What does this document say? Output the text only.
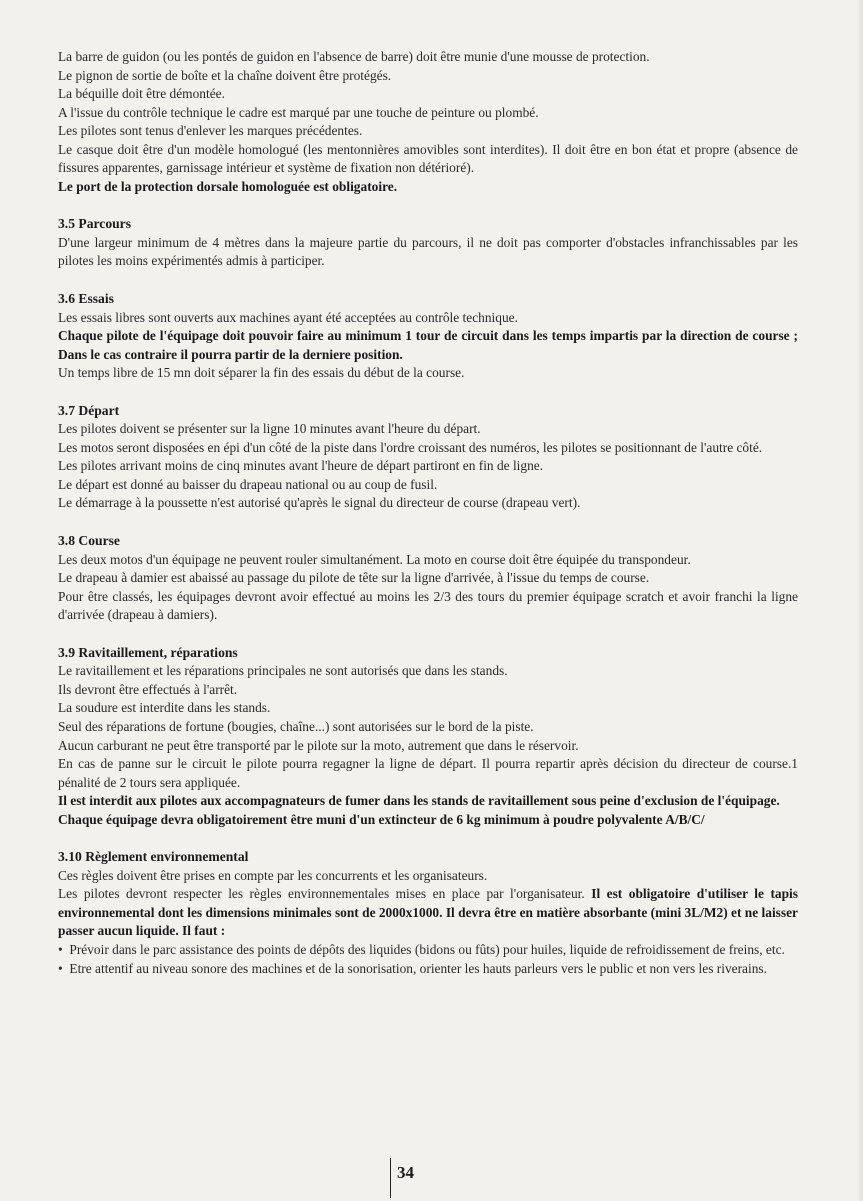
La barre de guidon (ou les pontés de guidon en l'absence de barre) doit être munie d'une mousse de protection.

Le pignon de sortie de boîte et la chaîne doivent être protégés.

La béquille doit être démontée.

A l'issue du contrôle technique le cadre est marqué par une touche de peinture ou plombé.

Les pilotes sont tenus d'enlever les marques précédentes.

Le casque doit être d'un modèle homologué (les mentonnières amovibles sont interdites). Il doit être en bon état et propre (absence de fissures apparentes, garnissage intérieur et système de fixation non détérioré).

Le port de la protection dorsale homologuée est obligatoire.

3.5 Parcours

D'une largeur minimum de 4 mètres dans la majeure partie du parcours, il ne doit pas comporter d'obstacles infranchissables par les pilotes les moins expérimentés admis à participer.

3.6 Essais

Les essais libres sont ouverts aux machines ayant été acceptées au contrôle technique.

Chaque pilote de l'équipage doit pouvoir faire au minimum 1 tour de circuit dans les temps impartis par la direction de course ; Dans le cas contraire il pourra partir de la derniere position.

Un temps libre de 15 mn doit séparer la fin des essais du début de la course.

3.7 Départ

Les pilotes doivent se présenter sur la ligne 10 minutes avant l'heure du départ.

Les motos seront disposées en épi d'un côté de la piste dans l'ordre croissant des numéros, les pilotes se positionnant de l'autre côté.

Les pilotes arrivant moins de cinq minutes avant l'heure de départ partiront en fin de ligne.

Le départ est donné au baisser du drapeau national ou au coup de fusil.

Le démarrage à la poussette n'est autorisé qu'après le signal du directeur de course (drapeau vert).

3.8 Course

Les deux motos d'un équipage ne peuvent rouler simultanément. La moto en course doit être équipée du transpondeur.

Le drapeau à damier est abaissé au passage du pilote de tête sur la ligne d'arrivée, à l'issue du temps de course.

Pour être classés, les équipages devront avoir effectué au moins les 2/3 des tours du premier équipage scratch et avoir franchi la ligne d'arrivée (drapeau à damiers).

3.9 Ravitaillement, réparations

Le ravitaillement et les réparations principales ne sont autorisés que dans les stands.

Ils devront être effectués à l'arrêt.

La soudure est interdite dans les stands.

Seul des réparations de fortune (bougies, chaîne...) sont autorisées sur le bord de la piste.

Aucun carburant ne peut être transporté par le pilote sur la moto, autrement que dans le réservoir.

En cas de panne sur le circuit le pilote pourra regagner la ligne de départ. Il pourra repartir après décision du directeur de course.1 pénalité de 2 tours sera appliquée.

Il est interdit aux pilotes aux accompagnateurs de fumer dans les stands de ravitaillement sous peine d'exclusion de l'équipage.

Chaque équipage devra obligatoirement être muni d'un extincteur de 6 kg minimum à poudre polyvalente A/B/C/

3.10 Règlement environnemental

Ces règles doivent être prises en compte par les concurrents et les organisateurs.

Les pilotes devront respecter les règles environnementales mises en place par l'organisateur. Il est obligatoire d'utiliser le tapis environnemental dont les dimensions minimales sont de 2000x1000. Il devra être en matière absorbante (mini 3L/M2) et ne laisser passer aucun liquide. Il faut :

•  Prévoir dans le parc assistance des points de dépôts des liquides (bidons ou fûts) pour huiles, liquide de refroidissement de freins, etc.

•  Etre attentif au niveau sonore des machines et de la sonorisation, orienter les hauts parleurs vers le public et non vers les riverains.

34
